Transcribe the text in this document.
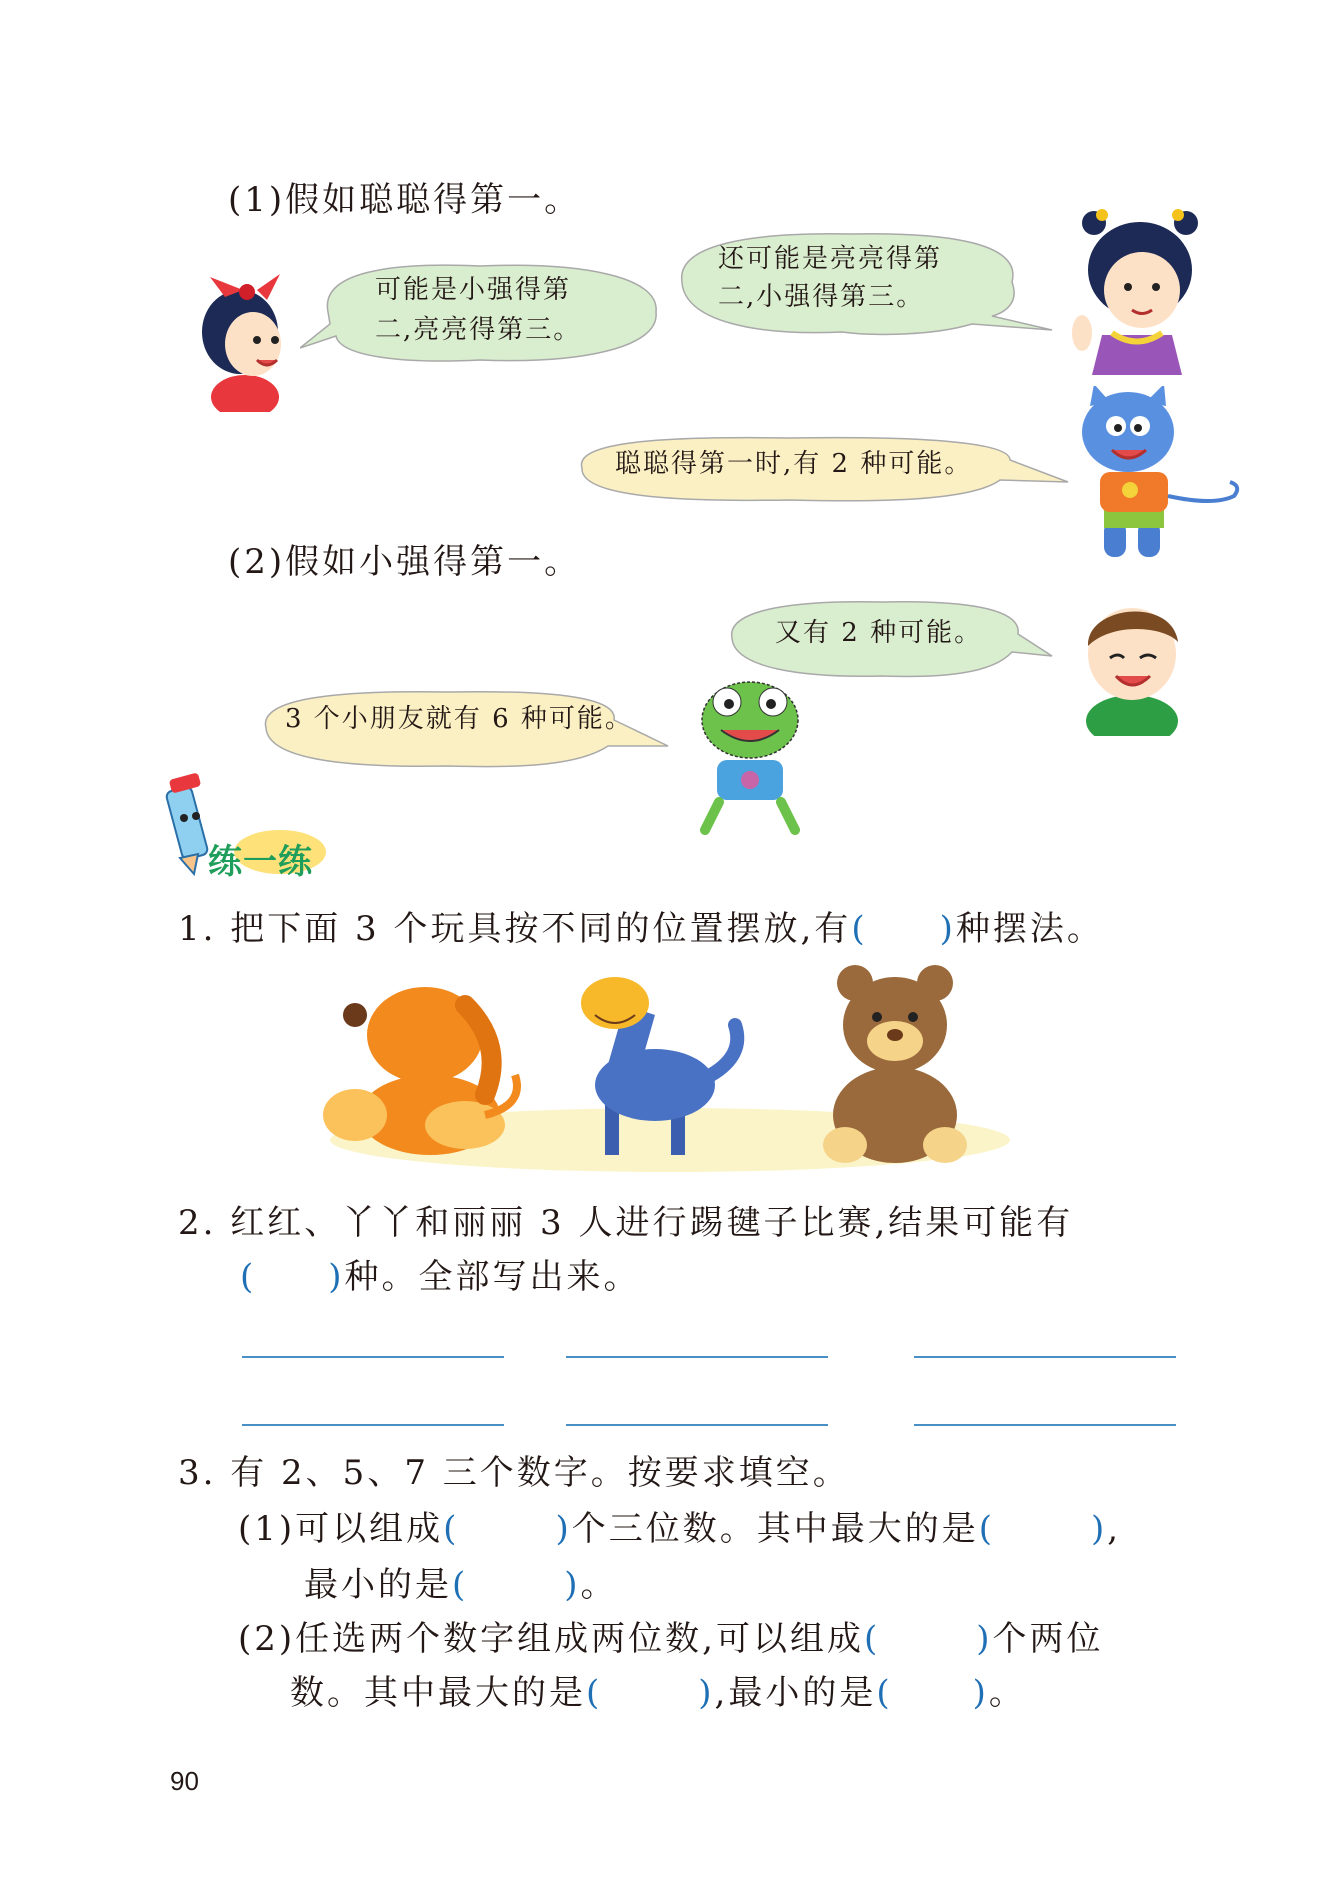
(1)假如聪聪得第一。
可能是小强得第
二,亮亮得第三。
还可能是亮亮得第
二,小强得第三。
聪聪得第一时,有 2 种可能。
(2)假如小强得第一。
又有 2 种可能。
3 个小朋友就有 6 种可能。
练一练
1. 把下面 3 个玩具按不同的位置摆放,有( )种摆法。
2. 红红、丫丫和丽丽 3 人进行踢毽子比赛,结果可能有
( )种。全部写出来。
3. 有 2、5、7 三个数字。按要求填空。
(1)可以组成(	)个三位数。其中最大的是(	),
最小的是(	)。
(2)任选两个数字组成两位数,可以组成(	)个两位
数。其中最大的是(	),最小的是( )。
90
